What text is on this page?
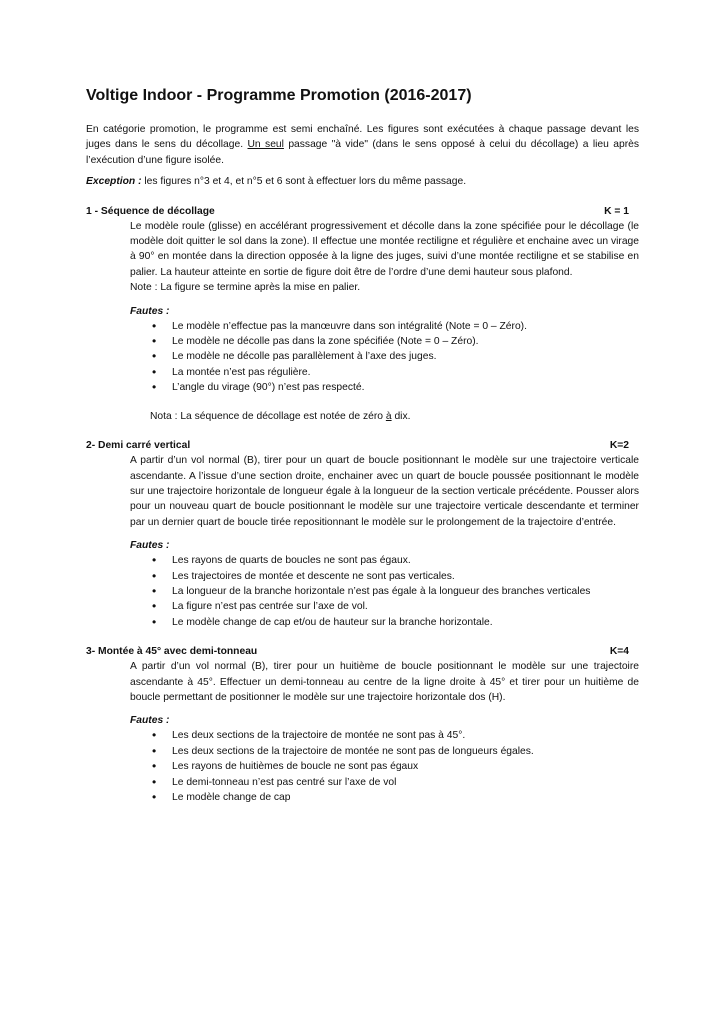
Voltige Indoor - Programme Promotion (2016-2017)

En catégorie promotion, le programme est semi enchaîné. Les figures sont exécutées à chaque passage devant les juges dans le sens du décollage. Un seul passage "à vide" (dans le sens opposé à celui du décollage) a lieu après l’exécution d’une figure isolée.

Exception : les figures n°3 et 4, et n°5 et 6 sont à effectuer lors du même passage.

1 - Séquence de décollage	K = 1

Le modèle roule (glisse) en accélérant progressivement et décolle dans la zone spécifiée pour le décollage (le modèle doit quitter le sol dans la zone). Il effectue une montée rectiligne et régulière et enchaine avec un virage à 90° en montée dans la direction opposée à la ligne des juges, suivi d’une montée rectiligne et se stabilise en palier. La hauteur atteinte en sortie de figure doit être de l’ordre d’une demi hauteur sous plafond.

Note : La figure se termine après la mise en palier.

Fautes :
• Le modèle n’effectue pas la manœuvre dans son intégralité (Note = 0 – Zéro).
• Le modèle ne décolle pas dans la zone spécifiée (Note = 0 – Zéro).
• Le modèle ne décolle pas parallèlement à l’axe des juges.
• La montée n’est pas régulière.
• L’angle du virage (90°) n’est pas respecté.

Nota : La séquence de décollage est notée de zéro à dix.

2- Demi carré vertical	K=2

A partir d’un vol normal (B), tirer pour un quart de boucle positionnant le modèle sur une trajectoire verticale ascendante. A l’issue d’une section droite, enchainer avec un quart de boucle poussée positionnant le modèle sur une trajectoire horizontale de longueur égale à la longueur de la section verticale précédente. Pousser alors pour un nouveau quart de boucle positionnant le modèle sur une trajectoire verticale descendante et terminer par un dernier quart de boucle tirée repositionnant le modèle sur le prolongement de la trajectoire d’entrée.

Fautes :
• Les rayons de quarts de boucles ne sont pas égaux.
• Les trajectoires de montée et descente ne sont pas verticales.
• La longueur de la branche horizontale n’est pas égale à la longueur des branches verticales
• La figure n’est pas centrée sur l’axe de vol.
• Le modèle change de cap et/ou de hauteur sur la branche horizontale.
3- Montée à 45° avec demi-tonneau	K=4

A partir d’un vol normal (B), tirer pour un huitième de boucle positionnant le modèle sur une trajectoire ascendante à 45°. Effectuer un demi-tonneau au centre de la ligne droite à 45° et tirer pour un huitième de boucle permettant de positionner le modèle sur une trajectoire horizontale dos (H).

Fautes :
• Les deux sections de la trajectoire de montée ne sont pas à 45°.
• Les deux sections de la trajectoire de montée ne sont pas de longueurs égales.
• Les rayons de huitièmes de boucle ne sont pas égaux
• Le demi-tonneau n’est pas centré sur l’axe de vol
• Le modèle change de cap
